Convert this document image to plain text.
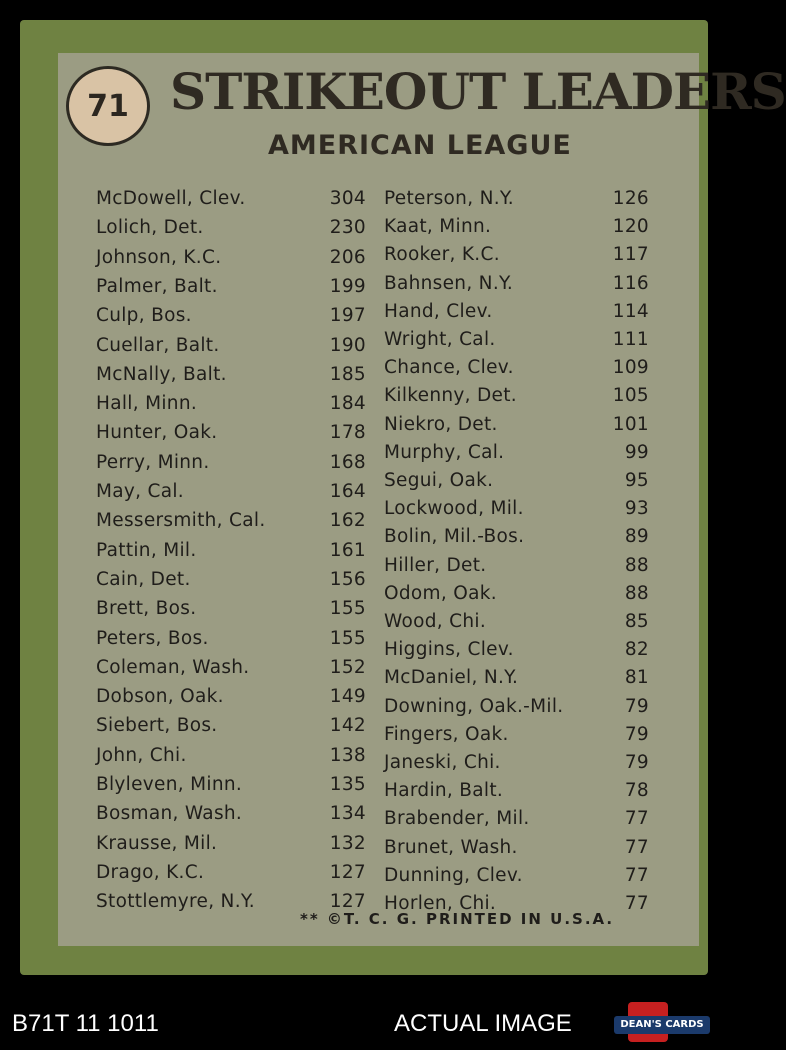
71 STRIKEOUT LEADERS
AMERICAN LEAGUE
McDowell, Clev.	304
Lolich, Det.	230
Johnson, K.C.	206
Palmer, Balt.	199
Culp, Bos.	197
Cuellar, Balt.	190
McNally, Balt.	185
Hall, Minn.	184
Hunter, Oak.	178
Perry, Minn.	168
May, Cal.	164
Messersmith, Cal.	162
Pattin, Mil.	161
Cain, Det.	156
Brett, Bos.	155
Peters, Bos.	155
Coleman, Wash.	152
Dobson, Oak.	149
Siebert, Bos.	142
John, Chi.	138
Blyleven, Minn.	135
Bosman, Wash.	134
Krausse, Mil.	132
Drago, K.C.	127
Stottlemyre, N.Y.	127
Peterson, N.Y.	126
Kaat, Minn.	120
Rooker, K.C.	117
Bahnsen, N.Y.	116
Hand, Clev.	114
Wright, Cal.	111
Chance, Clev.	109
Kilkenny, Det.	105
Niekro, Det.	101
Murphy, Cal.	99
Segui, Oak.	95
Lockwood, Mil.	93
Bolin, Mil.-Bos.	89
Hiller, Det.	88
Odom, Oak.	88
Wood, Chi.	85
Higgins, Clev.	82
McDaniel, N.Y.	81
Downing, Oak.-Mil.	79
Fingers, Oak.	79
Janeski, Chi.	79
Hardin, Balt.	78
Brabender, Mil.	77
Brunet, Wash.	77
Dunning, Clev.	77
Horlen, Chi.	77
** ©T. C. G. PRINTED IN U.S.A.
B71T 11 1011	ACTUAL IMAGE	DEAN'S CARDS
